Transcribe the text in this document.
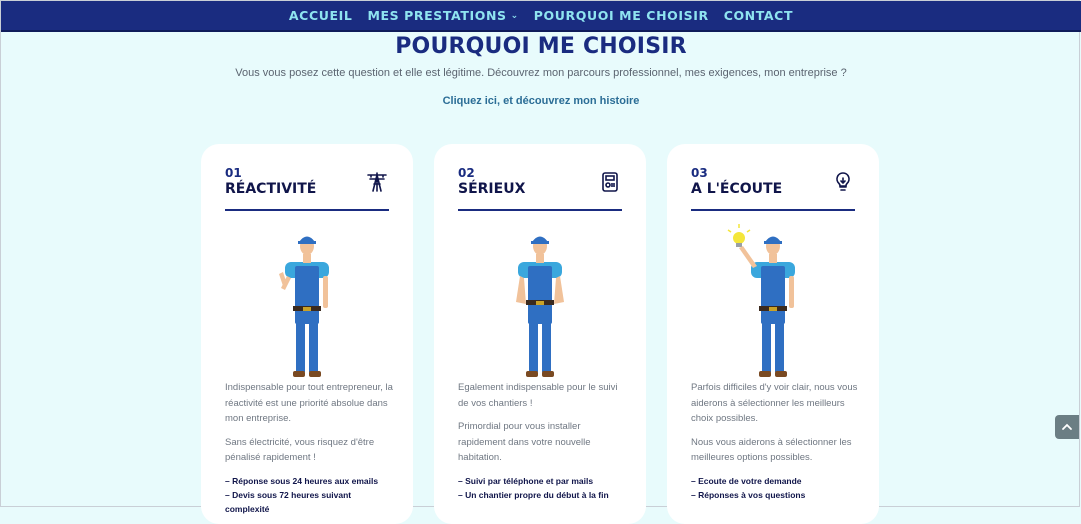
ACCUEIL MES PRESTATIONS ⌄ POURQUOI ME CHOISIR CONTACT
POURQUOI ME CHOISIR
Vous vous posez cette question et elle est légitime. Découvrez mon parcours professionnel, mes exigences, mon entreprise ?
Cliquez ici, et découvrez mon histoire
01
RÉACTIVITÉ

Indispensable pour tout entrepreneur, la réactivité est une priorité absolue dans mon entreprise.

Sans électricité, vous risquez d'être pénalisé rapidement !

– Réponse sous 24 heures aux emails

– Devis sous 72 heures suivant complexité

02
SÉRIEUX

Egalement indispensable pour le suivi de vos chantiers !

Primordial pour vous installer rapidement dans votre nouvelle habitation.

– Suivi par téléphone et par mails

– Un chantier propre du début à la fin

03
A L'ÉCOUTE

Parfois difficiles d'y voir clair, nous vous aiderons à sélectionner les meilleurs choix possibles.

Nous vous aiderons à sélectionner les meilleures options possibles.

– Ecoute de votre demande

– Réponses à vos questions
